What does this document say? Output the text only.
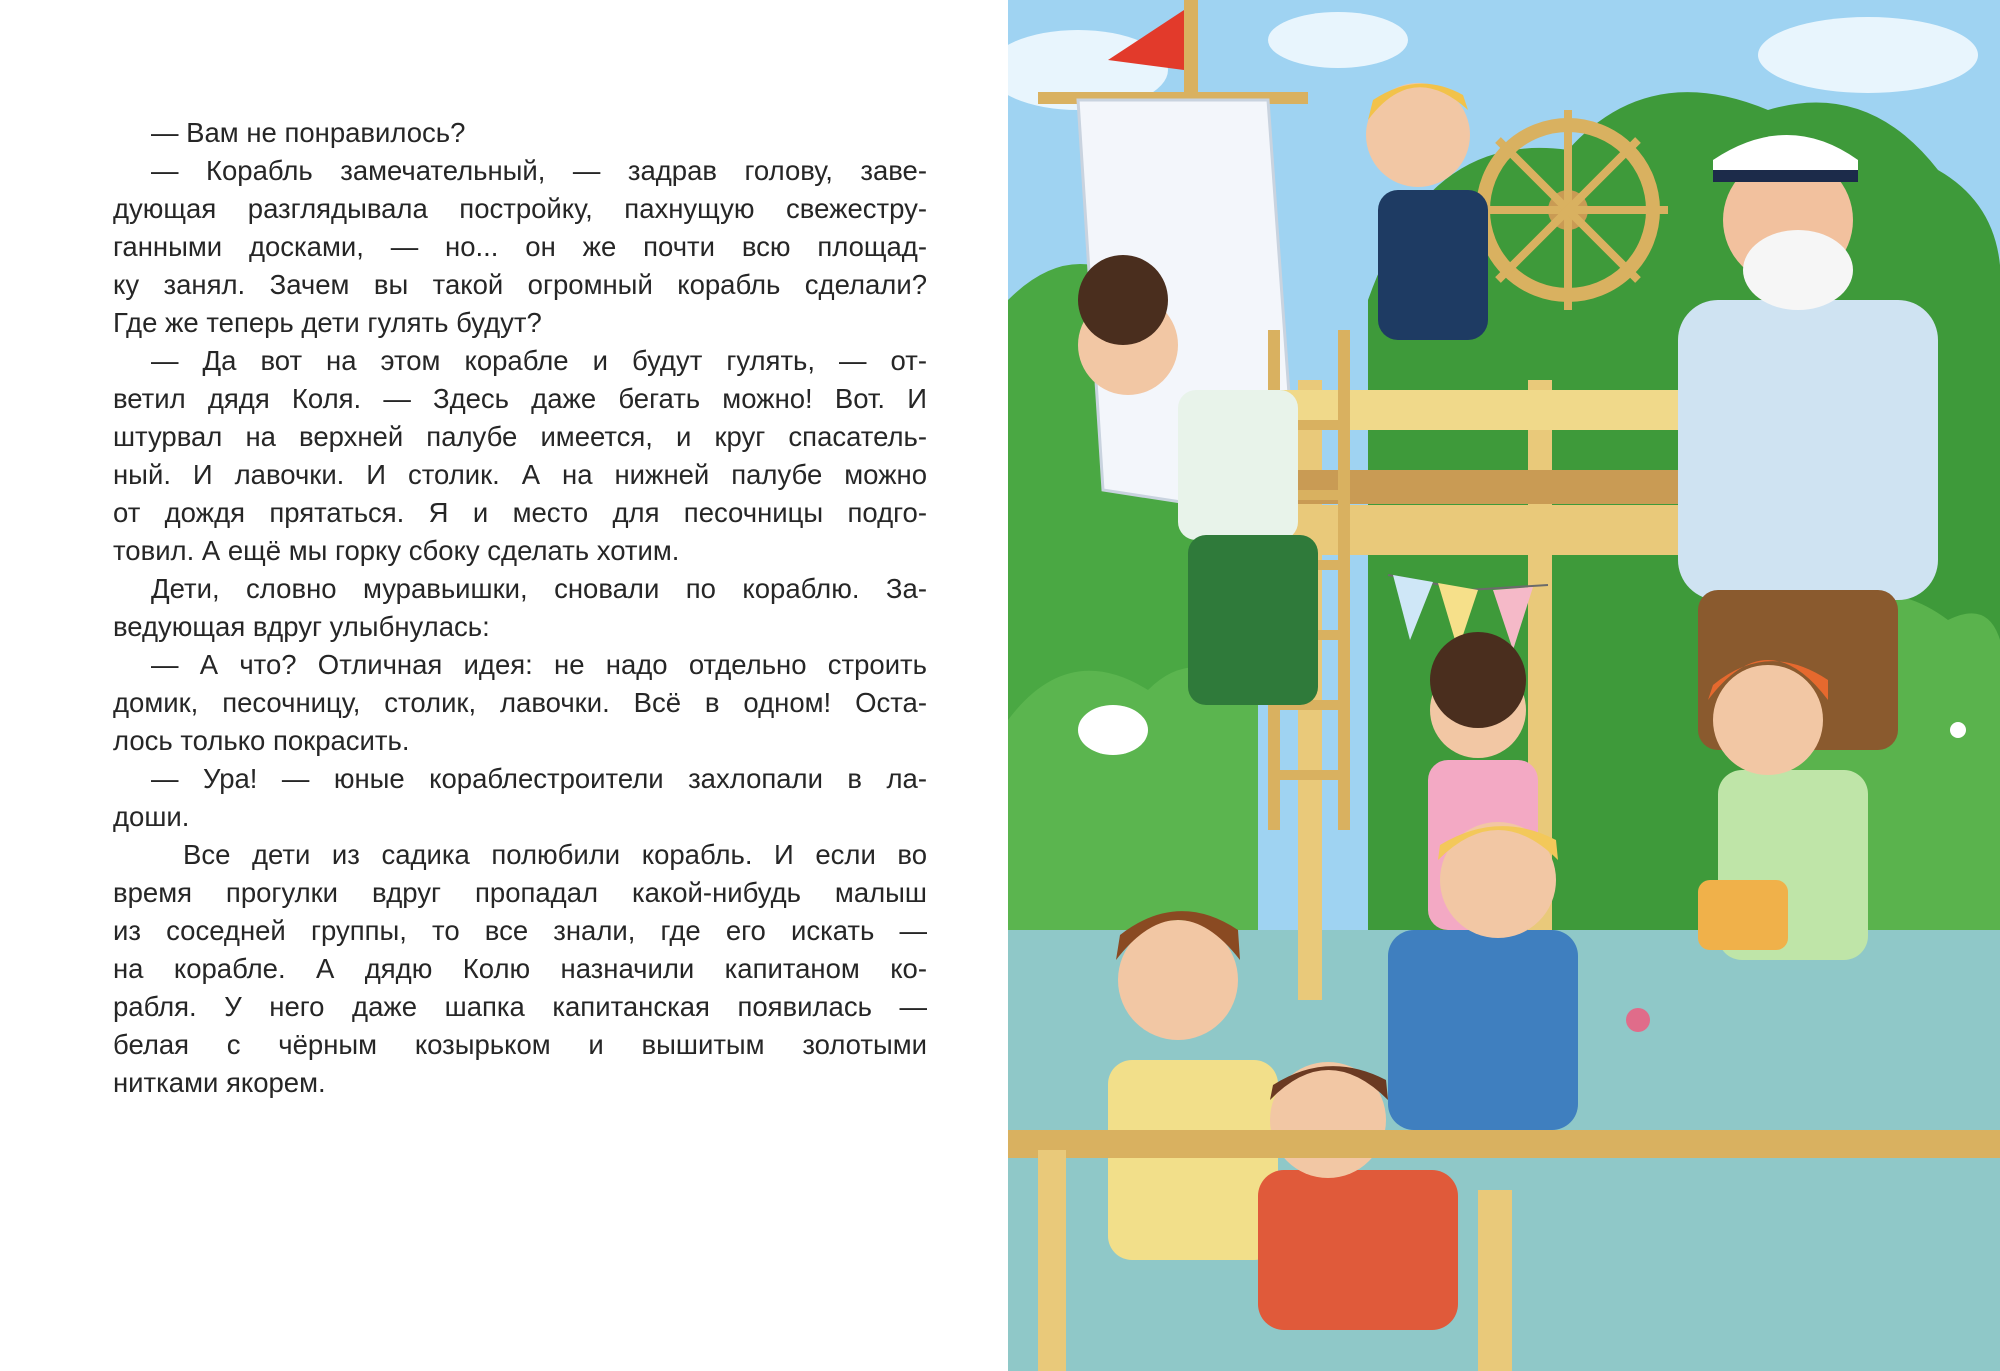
— Вам не понравилось?
— Корабль замечательный, — задрав голову, заве-
дующая разглядывала постройку, пахнущую свежестру-
ганными досками, — но... он же почти всю площад-
ку занял. Зачем вы такой огромный корабль сделали?
Где же теперь дети гулять будут?
— Да вот на этом корабле и будут гулять, — от-
ветил дядя Коля. — Здесь даже бегать можно! Вот. И
штурвал на верхней палубе имеется, и круг спасатель-
ный. И лавочки. И столик. А на нижней палубе можно
от дождя прятаться. Я и место для песочницы подго-
товил. А ещё мы горку сбоку сделать хотим.
Дети, словно муравьишки, сновали по кораблю. За-
ведующая вдруг улыбнулась:
— А что? Отличная идея: не надо отдельно строить
домик, песочницу, столик, лавочки. Всё в одном! Оста-
лось только покрасить.
— Ура! — юные кораблестроители захлопали в ла-
доши.
Все дети из садика полюбили корабль. И если во
время прогулки вдруг пропадал какой-нибудь малыш
из соседней группы, то все знали, где его искать —
на корабле. А дядю Колю назначили капитаном ко-
рабля. У него даже шапка капитанская появилась —
белая с чёрным козырьком и вышитым золотыми
нитками якорем.
